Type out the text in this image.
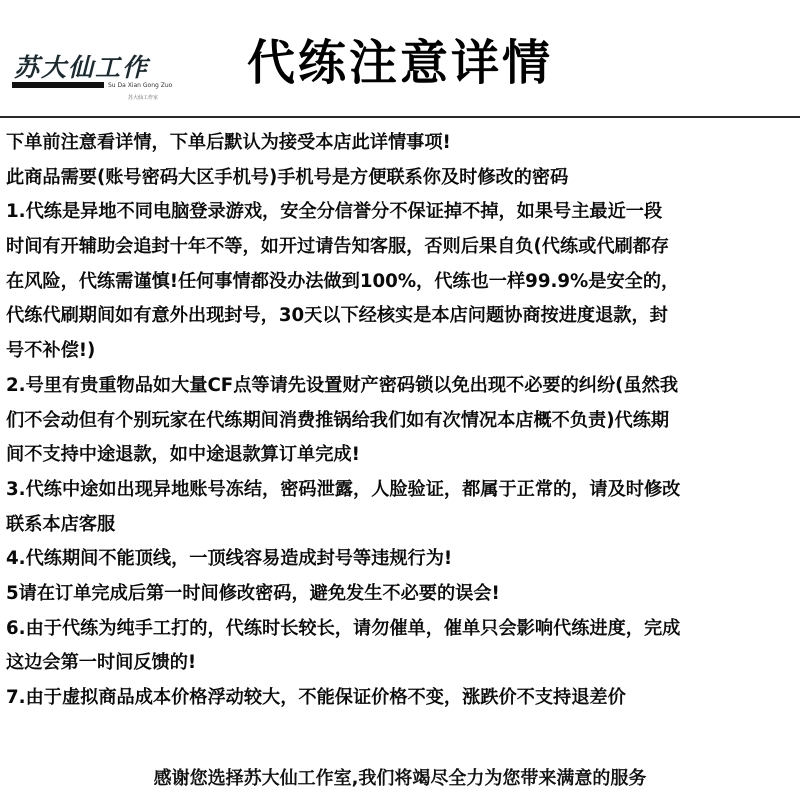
苏大仙工作
Su Da Xian Gong Zuo
苏大仙工作室
代练注意详情
下单前注意看详情，下单后默认为接受本店此详情事项!
此商品需要(账号密码大区手机号)手机号是方便联系你及时修改的密码
1.代练是异地不同电脑登录游戏，安全分信誉分不保证掉不掉，如果号主最近一段
时间有开辅助会追封十年不等，如开过请告知客服，否则后果自负(代练或代刷都存
在风险，代练需谨慎!任何事情都没办法做到100%，代练也一样99.9%是安全的，
代练代刷期间如有意外出现封号，30天以下经核实是本店问题协商按进度退款，封
号不补偿!)
2.号里有贵重物品如大量CF点等请先设置财产密码锁以免出现不必要的纠纷(虽然我
们不会动但有个别玩家在代练期间消费推锅给我们如有次情况本店概不负责)代练期
间不支持中途退款，如中途退款算订单完成!
3.代练中途如出现异地账号冻结，密码泄露，人脸验证，都属于正常的，请及时修改
联系本店客服
4.代练期间不能顶线，一顶线容易造成封号等违规行为!
5请在订单完成后第一时间修改密码，避免发生不必要的误会!
6.由于代练为纯手工打的，代练时长较长，请勿催单，催单只会影响代练进度，完成
这边会第一时间反馈的!
7.由于虚拟商品成本价格浮动较大，不能保证价格不变，涨跌价不支持退差价
感谢您选择苏大仙工作室,我们将竭尽全力为您带来满意的服务
